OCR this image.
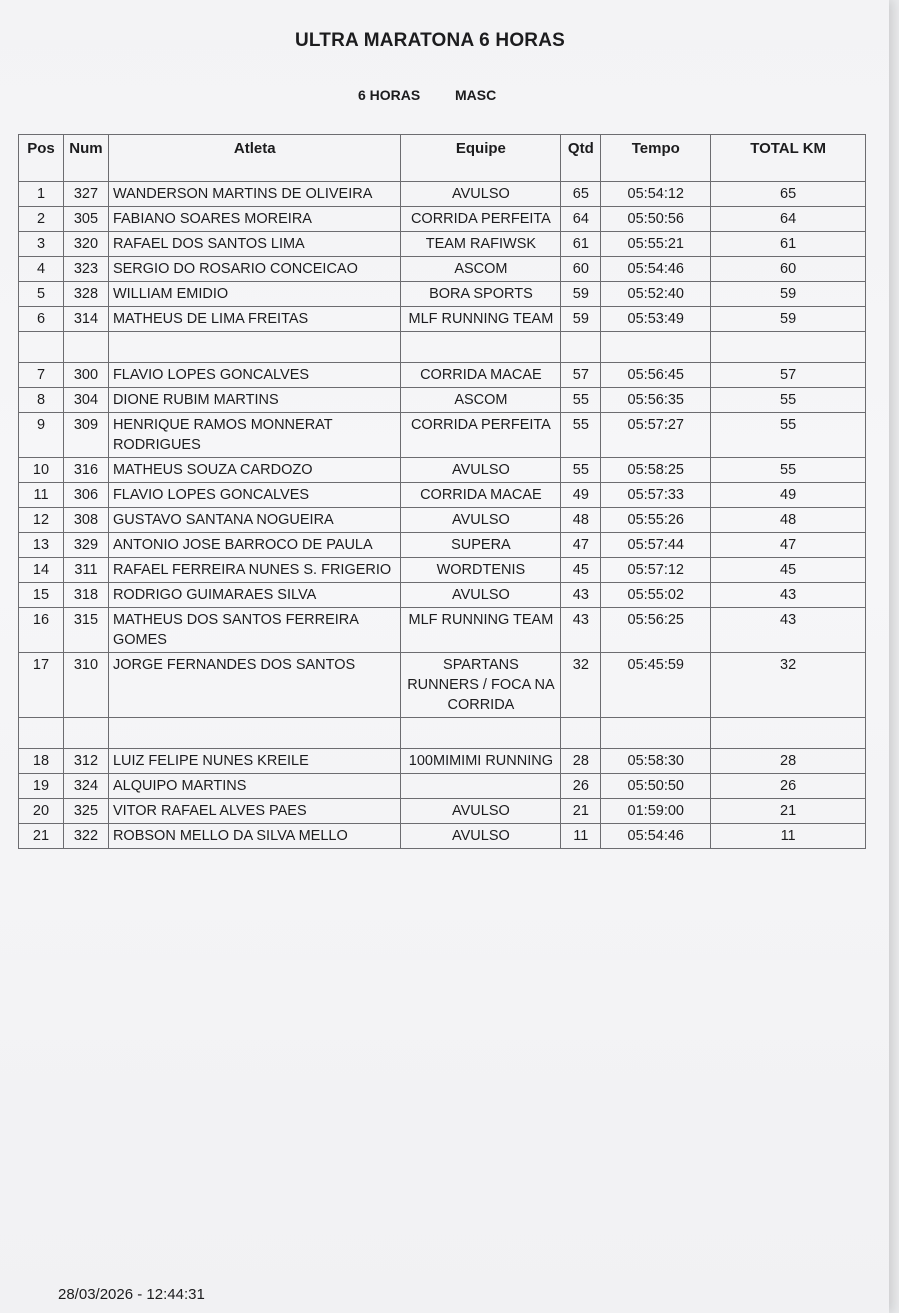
ULTRA MARATONA 6 HORAS
6 HORAS MASC
Pos	Num	Atleta	Equipe	Qtd	Tempo	TOTAL KM
1	327	WANDERSON MARTINS DE OLIVEIRA	AVULSO	65	05:54:12	65
2	305	FABIANO SOARES MOREIRA	CORRIDA PERFEITA	64	05:50:56	64
3	320	RAFAEL DOS SANTOS LIMA	TEAM RAFIWSK	61	05:55:21	61
4	323	SERGIO DO ROSARIO CONCEICAO	ASCOM	60	05:54:46	60
5	328	WILLIAM EMIDIO	BORA SPORTS	59	05:52:40	59
6	314	MATHEUS DE LIMA FREITAS	MLF RUNNING TEAM	59	05:53:49	59

7	300	FLAVIO LOPES GONCALVES	CORRIDA MACAE	57	05:56:45	57
8	304	DIONE RUBIM MARTINS	ASCOM	55	05:56:35	55
9	309	HENRIQUE RAMOS MONNERAT RODRIGUES	CORRIDA PERFEITA	55	05:57:27	55
10	316	MATHEUS SOUZA CARDOZO	AVULSO	55	05:58:25	55
11	306	FLAVIO LOPES GONCALVES	CORRIDA MACAE	49	05:57:33	49
12	308	GUSTAVO SANTANA NOGUEIRA	AVULSO	48	05:55:26	48
13	329	ANTONIO JOSE BARROCO DE PAULA	SUPERA	47	05:57:44	47
14	311	RAFAEL FERREIRA NUNES S. FRIGERIO	WORDTENIS	45	05:57:12	45
15	318	RODRIGO GUIMARAES SILVA	AVULSO	43	05:55:02	43
16	315	MATHEUS DOS SANTOS FERREIRA GOMES	MLF RUNNING TEAM	43	05:56:25	43
17	310	JORGE FERNANDES DOS SANTOS	SPARTANS RUNNERS / FOCA NA CORRIDA	32	05:45:59	32

18	312	LUIZ FELIPE NUNES KREILE	100MIMIMI RUNNING	28	05:58:30	28
19	324	ALQUIPO MARTINS		26	05:50:50	26
20	325	VITOR RAFAEL ALVES PAES	AVULSO	21	01:59:00	21
21	322	ROBSON MELLO DA SILVA MELLO	AVULSO	11	05:54:46	11
28/03/2026 - 12:44:31
